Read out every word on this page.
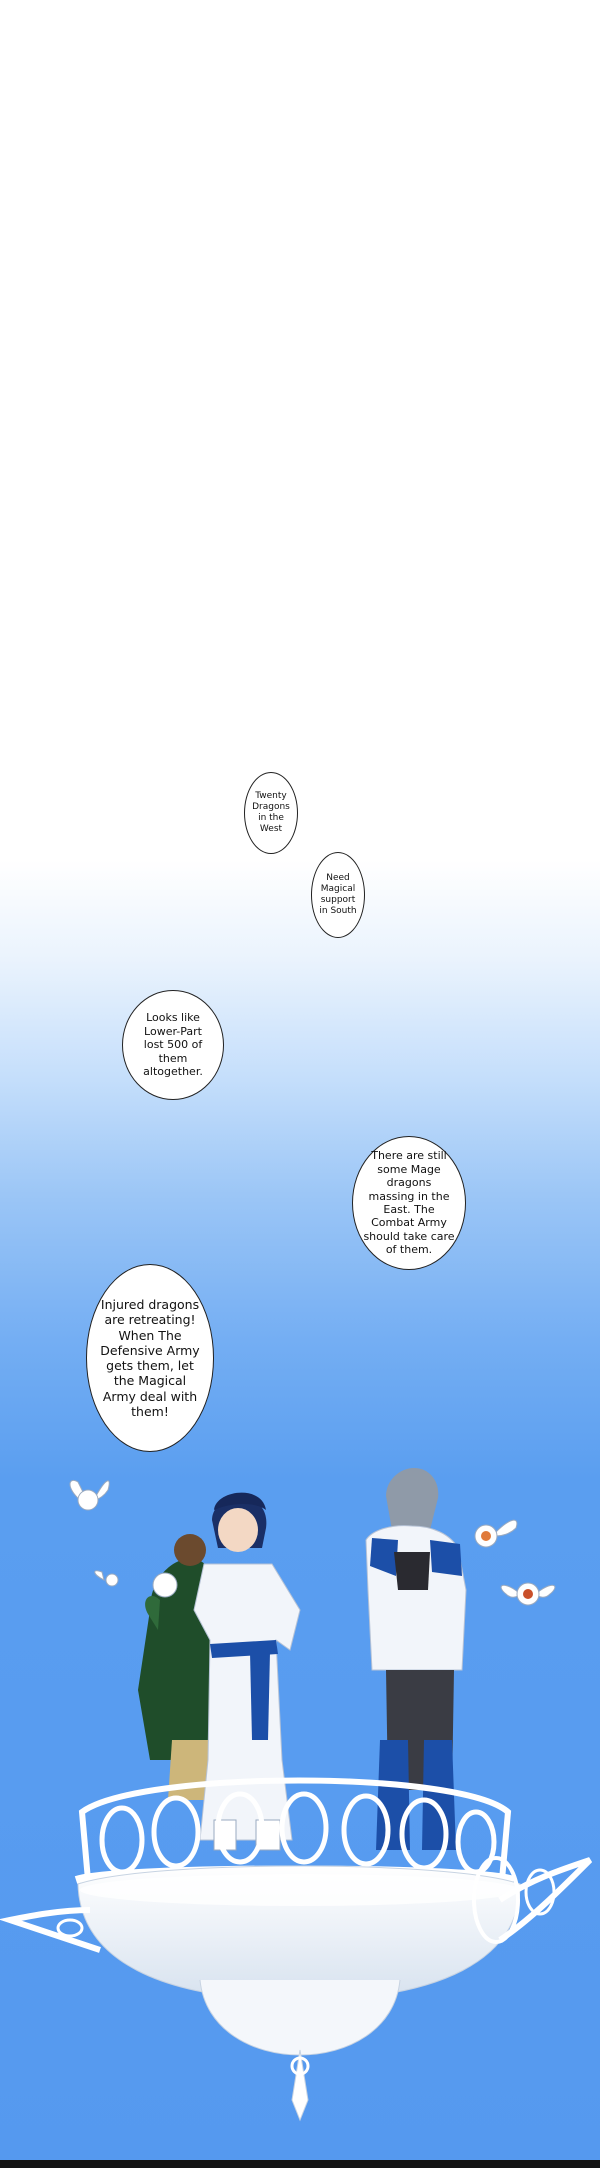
Twenty Dragons in the West
Need Magical support in South
Looks like Lower-Part lost 500 of them altogether.
There are still some Mage dragons massing in the East. The Combat Army should take care of them.
Injured dragons are retreating! When The Defensive Army gets them, let the Magical Army deal with them!
